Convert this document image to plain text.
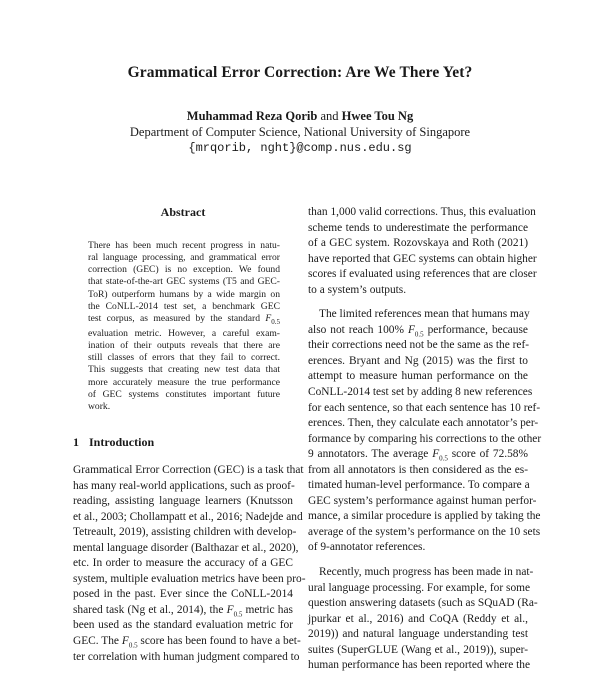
Grammatical Error Correction: Are We There Yet?
Muhammad Reza Qorib and Hwee Tou Ng
Department of Computer Science, National University of Singapore
{mrqorib, nght}@comp.nus.edu.sg
Abstract
There has been much recent progress in natu-
ral language processing, and grammatical error
correction (GEC) is no exception. We found
that state-of-the-art GEC systems (T5 and GEC-
ToR) outperform humans by a wide margin on
the CoNLL-2014 test set, a benchmark GEC
test corpus, as measured by the standard $F_{0.5}$
evaluation metric. However, a careful exam-
ination of their outputs reveals that there are
still classes of errors that they fail to correct.
This suggests that creating new test data that
more accurately measure the true performance
of GEC systems constitutes important future
work.
1 Introduction
Grammatical Error Correction (GEC) is a task that
has many real-world applications, such as proof-
reading, assisting language learners (Knutsson
et al., 2003; Chollampatt et al., 2016; Nadejde and
Tetreault, 2019), assisting children with develop-
mental language disorder (Balthazar et al., 2020),
etc. In order to measure the accuracy of a GEC
system, multiple evaluation metrics have been pro-
posed in the past. Ever since the CoNLL-2014
shared task (Ng et al., 2014), the $F_{0.5}$ metric has
been used as the standard evaluation metric for
GEC. The $F_{0.5}$ score has been found to have a bet-
ter correlation with human judgment compared to
than 1,000 valid corrections. Thus, this evaluation
scheme tends to underestimate the performance
of a GEC system. Rozovskaya and Roth (2021)
have reported that GEC systems can obtain higher
scores if evaluated using references that are closer
to a system’s outputs.
The limited references mean that humans may
also not reach 100% $F_{0.5}$ performance, because
their corrections need not be the same as the ref-
erences. Bryant and Ng (2015) was the first to
attempt to measure human performance on the
CoNLL-2014 test set by adding 8 new references
for each sentence, so that each sentence has 10 ref-
erences. Then, they calculate each annotator’s per-
formance by comparing his corrections to the other
9 annotators. The average $F_{0.5}$ score of 72.58%
from all annotators is then considered as the es-
timated human-level performance. To compare a
GEC system’s performance against human perfor-
mance, a similar procedure is applied by taking the
average of the system’s performance on the 10 sets
of 9-annotator references.
Recently, much progress has been made in nat-
ural language processing. For example, for some
question answering datasets (such as SQuAD (Ra-
jpurkar et al., 2016) and CoQA (Reddy et al.,
2019)) and natural language understanding test
suites (SuperGLUE (Wang et al., 2019)), super-
human performance has been reported where the
